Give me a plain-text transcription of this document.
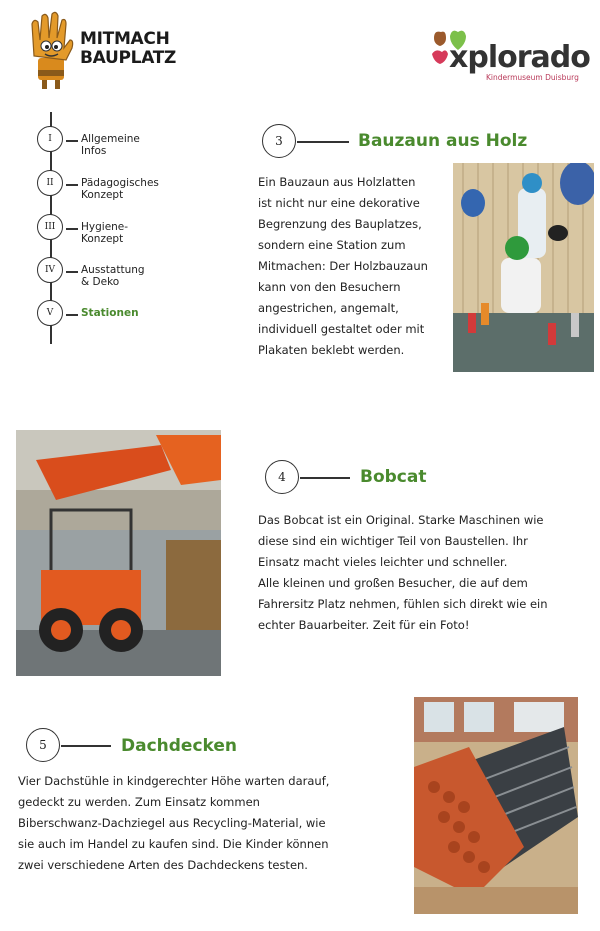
MITMACH
BAUPLATZ	xplorado
Kindermuseum Duisburg
I	Allgemeine Infos
II	Pädagogisches Konzept
III	Hygiene-Konzept
IV	Ausstattung & Deko
V	Stationen
3	Bauzaun aus Holz
Ein Bauzaun aus Holzlatten
ist nicht nur eine dekorative
Begrenzung des Bauplatzes,
sondern eine Station zum
Mitmachen: Der Holzbauzaun
kann von den Besuchern
angestrichen, angemalt,
individuell gestaltet oder mit
Plakaten beklebt werden.
4	Bobcat
Das Bobcat ist ein Original. Starke Maschinen wie
diese sind ein wichtiger Teil von Baustellen. Ihr
Einsatz macht vieles leichter und schneller.
Alle kleinen und großen Besucher, die auf dem
Fahrersitz Platz nehmen, fühlen sich direkt wie ein
echter Bauarbeiter. Zeit für ein Foto!
5	Dachdecken
Vier Dachstühle in kindgerechter Höhe warten darauf,
gedeckt zu werden. Zum Einsatz kommen
Biberschwanz-Dachziegel aus Recycling-Material, wie
sie auch im Handel zu kaufen sind. Die Kinder können
zwei verschiedene Arten des Dachdeckens testen.
